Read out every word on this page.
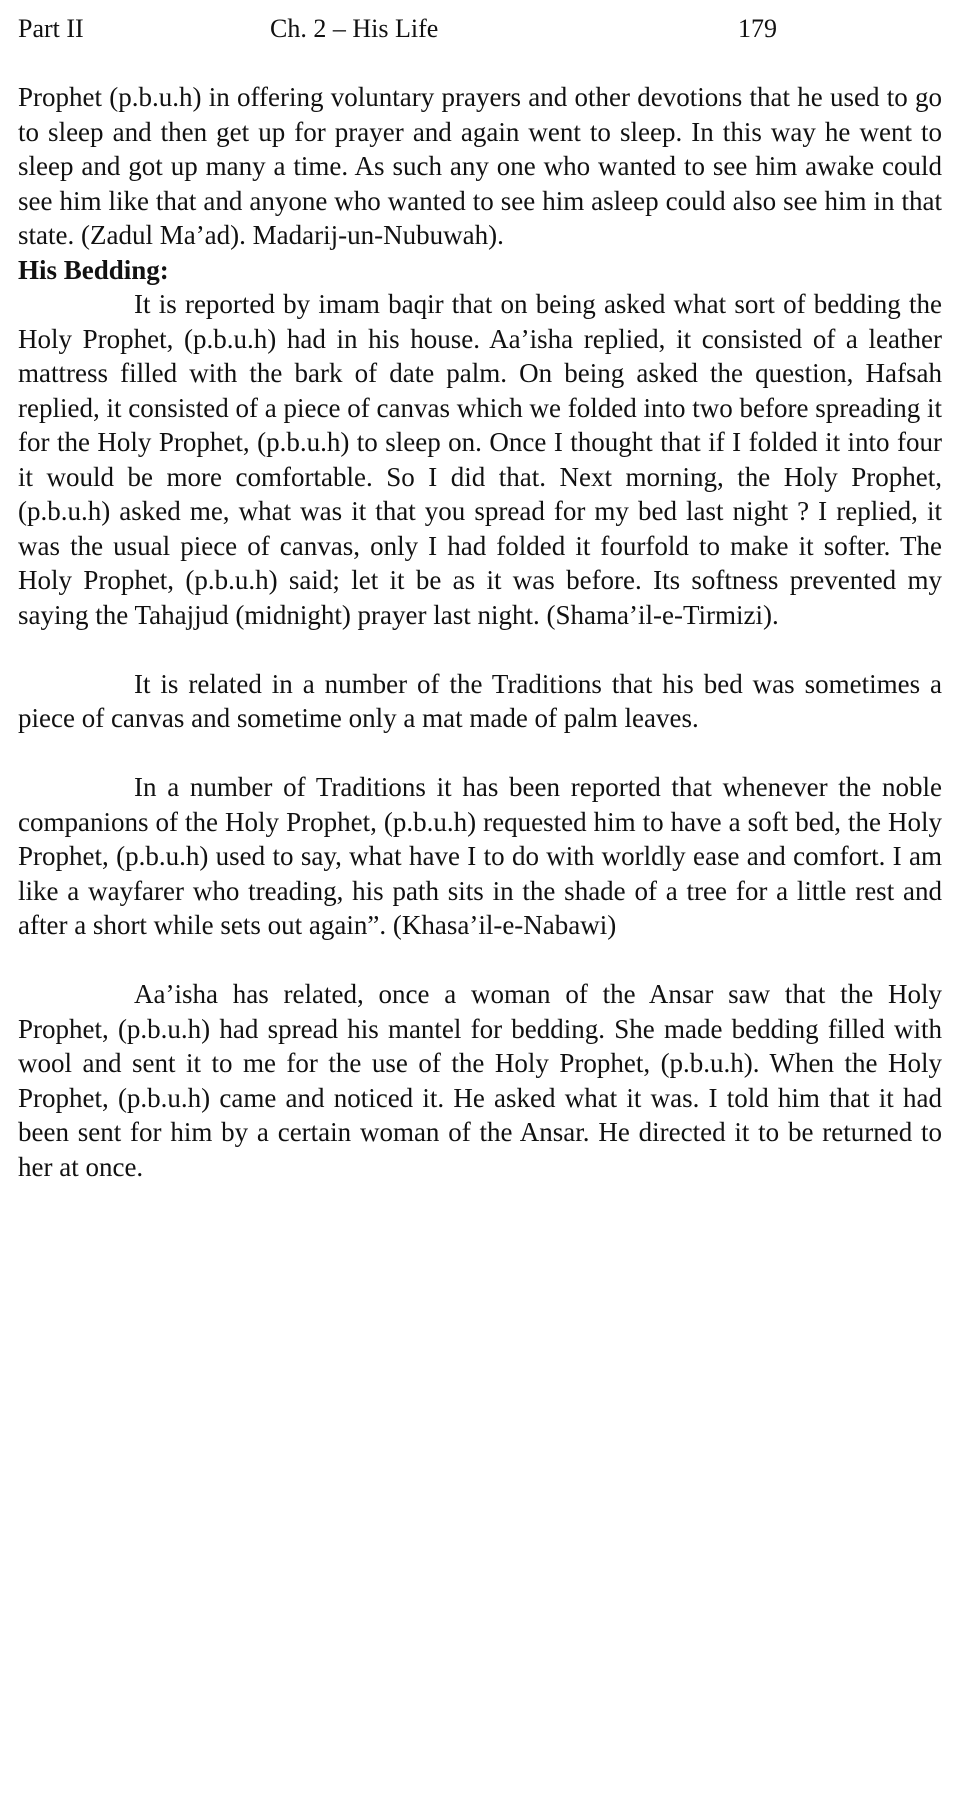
Part II	Ch. 2 – His Life	179

Prophet (p.b.u.h) in offering voluntary prayers and other devotions that he used to go to sleep and then get up for prayer and again went to sleep. In this way he went to sleep and got up many a time. As such any one who wanted to see him awake could see him like that and anyone who wanted to see him asleep could also see him in that state. (Zadul Ma’ad). Madarij-un-Nubuwah).

His Bedding:

It is reported by imam baqir that on being asked what sort of bedding the Holy Prophet, (p.b.u.h) had in his house. Aa’isha replied, it consisted of a leather mattress filled with the bark of date palm. On being asked the question, Hafsah replied, it consisted of a piece of canvas which we folded into two before spreading it for the Holy Prophet, (p.b.u.h) to sleep on. Once I thought that if I folded it into four it would be more comfortable. So I did that. Next morning, the Holy Prophet, (p.b.u.h) asked me, what was it that you spread for my bed last night ? I replied, it was the usual piece of canvas, only I had folded it fourfold to make it softer. The Holy Prophet, (p.b.u.h) said; let it be as it was before. Its softness prevented my saying the Tahajjud (midnight) prayer last night. (Shama’il-e-Tirmizi).

It is related in a number of the Traditions that his bed was sometimes a piece of canvas and sometime only a mat made of palm leaves.

In a number of Traditions it has been reported that whenever the noble companions of the Holy Prophet, (p.b.u.h) requested him to have a soft bed, the Holy Prophet, (p.b.u.h) used to say, what have I to do with worldly ease and comfort. I am like a wayfarer who treading, his path sits in the shade of a tree for a little rest and after a short while sets out again”. (Khasa’il-e-Nabawi)

Aa’isha has related, once a woman of the Ansar saw that the Holy Prophet, (p.b.u.h) had spread his mantel for bedding. She made bedding filled with wool and sent it to me for the use of the Holy Prophet, (p.b.u.h). When the Holy Prophet, (p.b.u.h) came and noticed it. He asked what it was. I told him that it had been sent for him by a certain woman of the Ansar. He directed it to be returned to her at once.
